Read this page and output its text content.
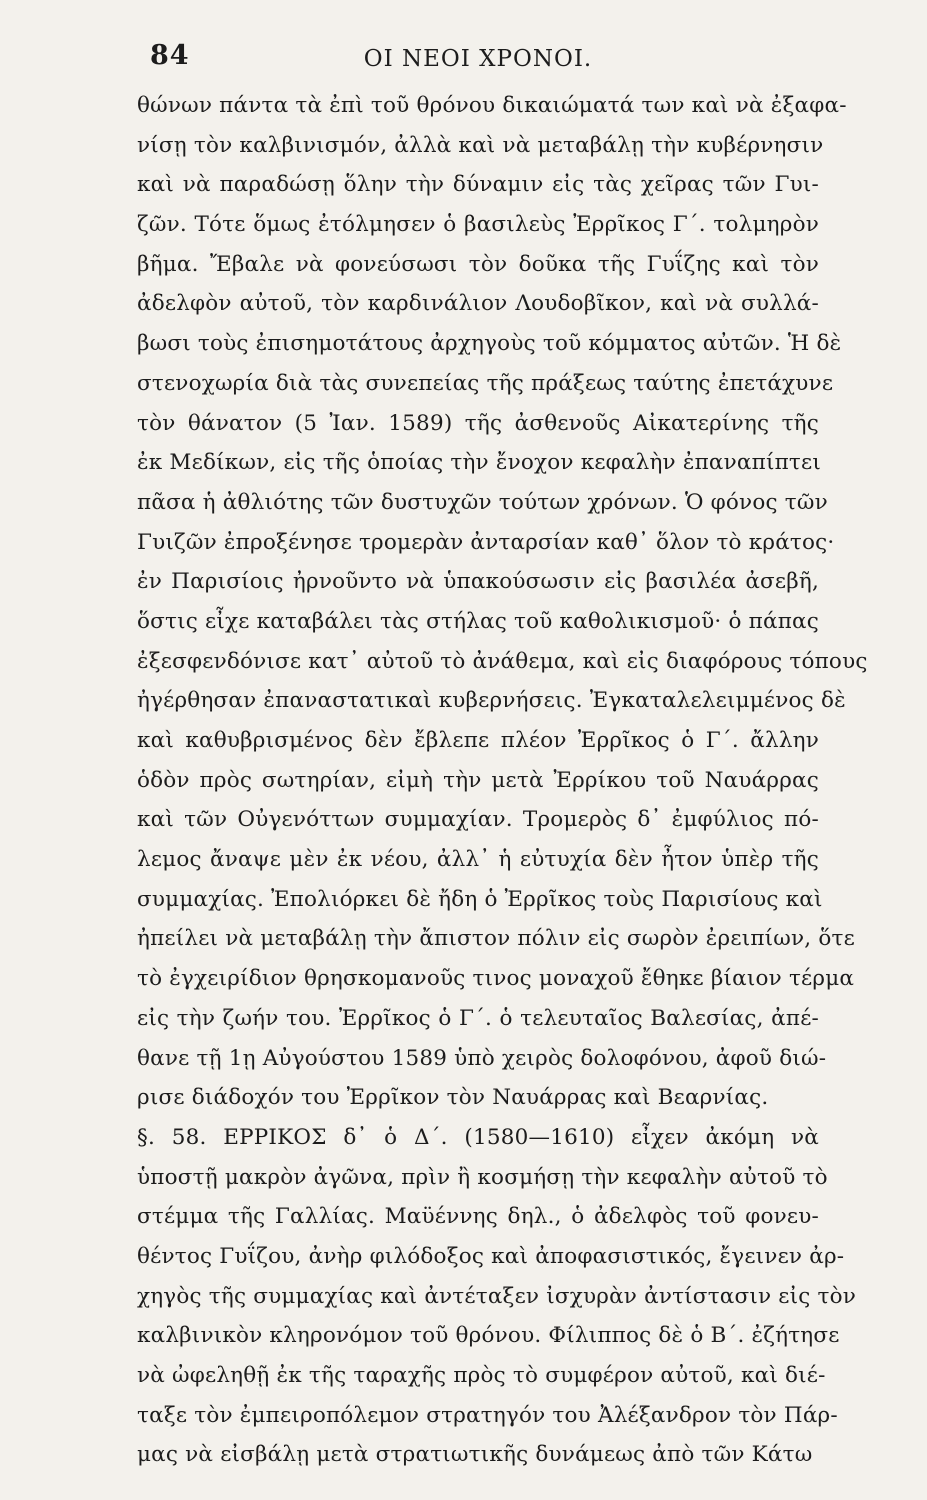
84	ΟΙ ΝΕΟΙ ΧΡΟΝΟΙ.
θώνων πάντα τὰ ἐπὶ τοῦ θρόνου δικαιώματά των καὶ νὰ ἐξαφα-
νίσῃ τὸν καλβινισμόν, ἀλλὰ καὶ νὰ μεταβάλῃ τὴν κυβέρνησιν
καὶ νὰ παραδώσῃ ὅλην τὴν δύναμιν εἰς τὰς χεῖρας τῶν Γυι-
ζῶν. Τότε ὅμως ἐτόλμησεν ὁ βασιλεὺς Ἐρρῖκος Γ΄. τολμηρὸν
βῆμα. Ἔβαλε νὰ φονεύσωσι τὸν δοῦκα τῆς Γυΐζης καὶ τὸν
ἀδελφὸν αὐτοῦ, τὸν καρδινάλιον Λουδοβῖκον, καὶ νὰ συλλά-
βωσι τοὺς ἐπισημοτάτους ἀρχηγοὺς τοῦ κόμματος αὐτῶν. Ἡ δὲ
στενοχωρία διὰ τὰς συνεπείας τῆς πράξεως ταύτης ἐπετάχυνε
τὸν θάνατον (5 Ἰαν. 1589) τῆς ἀσθενοῦς Αἰκατερίνης τῆς
ἐκ Μεδίκων, εἰς τῆς ὁποίας τὴν ἔνοχον κεφαλὴν ἐπαναπίπτει
πᾶσα ἡ ἀθλιότης τῶν δυστυχῶν τούτων χρόνων. Ὁ φόνος τῶν
Γυιζῶν ἐπροξένησε τρομερὰν ἀνταρσίαν καθ᾽ ὅλον τὸ κράτος·
ἐν Παρισίοις ἠρνοῦντο νὰ ὑπακούσωσιν εἰς βασιλέα ἀσεβῆ,
ὅστις εἶχε καταβάλει τὰς στήλας τοῦ καθολικισμοῦ· ὁ πάπας
ἐξεσφενδόνισε κατ᾽ αὐτοῦ τὸ ἀνάθεμα, καὶ εἰς διαφόρους τόπους
ἠγέρθησαν ἐπαναστατικαὶ κυβερνήσεις. Ἐγκαταλελειμμένος δὲ
καὶ καθυβρισμένος δὲν ἔβλεπε πλέον Ἐρρῖκος ὁ Γ΄. ἄλλην
ὁδὸν πρὸς σωτηρίαν, εἰμὴ τὴν μετὰ Ἐρρίκου τοῦ Ναυάρρας
καὶ τῶν Οὐγενόττων συμμαχίαν. Τρομερὸς δ᾽ ἐμφύλιος πό-
λεμος ἄναψε μὲν ἐκ νέου, ἀλλ᾽ ἡ εὐτυχία δὲν ἦτον ὑπὲρ τῆς
συμμαχίας. Ἐπολιόρκει δὲ ἤδη ὁ Ἐρρῖκος τοὺς Παρισίους καὶ
ἠπείλει νὰ μεταβάλῃ τὴν ἄπιστον πόλιν εἰς σωρὸν ἐρειπίων, ὅτε
τὸ ἐγχειρίδιον θρησκομανοῦς τινος μοναχοῦ ἔθηκε βίαιον τέρμα
εἰς τὴν ζωήν του. Ἐρρῖκος ὁ Γ΄. ὁ τελευταῖος Βαλεσίας, ἀπέ-
θανε τῇ 1ῃ Αὐγούστου 1589 ὑπὸ χειρὸς δολοφόνου, ἀφοῦ διώ-
ρισε διάδοχόν του Ἐρρῖκον τὸν Ναυάρρας καὶ Βεαρνίας.
§. 58. ΕΡΡΙΚΟΣ δ᾽ ὁ Δ΄. (1580—1610) εἶχεν ἀκόμη νὰ
ὑποστῇ μακρὸν ἀγῶνα, πρὶν ἢ κοσμήσῃ τὴν κεφαλὴν αὐτοῦ τὸ
στέμμα τῆς Γαλλίας. Μαϋέννης δηλ., ὁ ἀδελφὸς τοῦ φονευ-
θέντος Γυΐζου, ἀνὴρ φιλόδοξος καὶ ἀποφασιστικός, ἔγεινεν ἀρ-
χηγὸς τῆς συμμαχίας καὶ ἀντέταξεν ἰσχυρὰν ἀντίστασιν εἰς τὸν
καλβινικὸν κληρονόμον τοῦ θρόνου. Φίλιππος δὲ ὁ Β΄. ἐζήτησε
νὰ ὠφεληθῇ ἐκ τῆς ταραχῆς πρὸς τὸ συμφέρον αὐτοῦ, καὶ διέ-
ταξε τὸν ἐμπειροπόλεμον στρατηγόν του Ἀλέξανδρον τὸν Πάρ-
μας νὰ εἰσβάλῃ μετὰ στρατιωτικῆς δυνάμεως ἀπὸ τῶν Κάτω
